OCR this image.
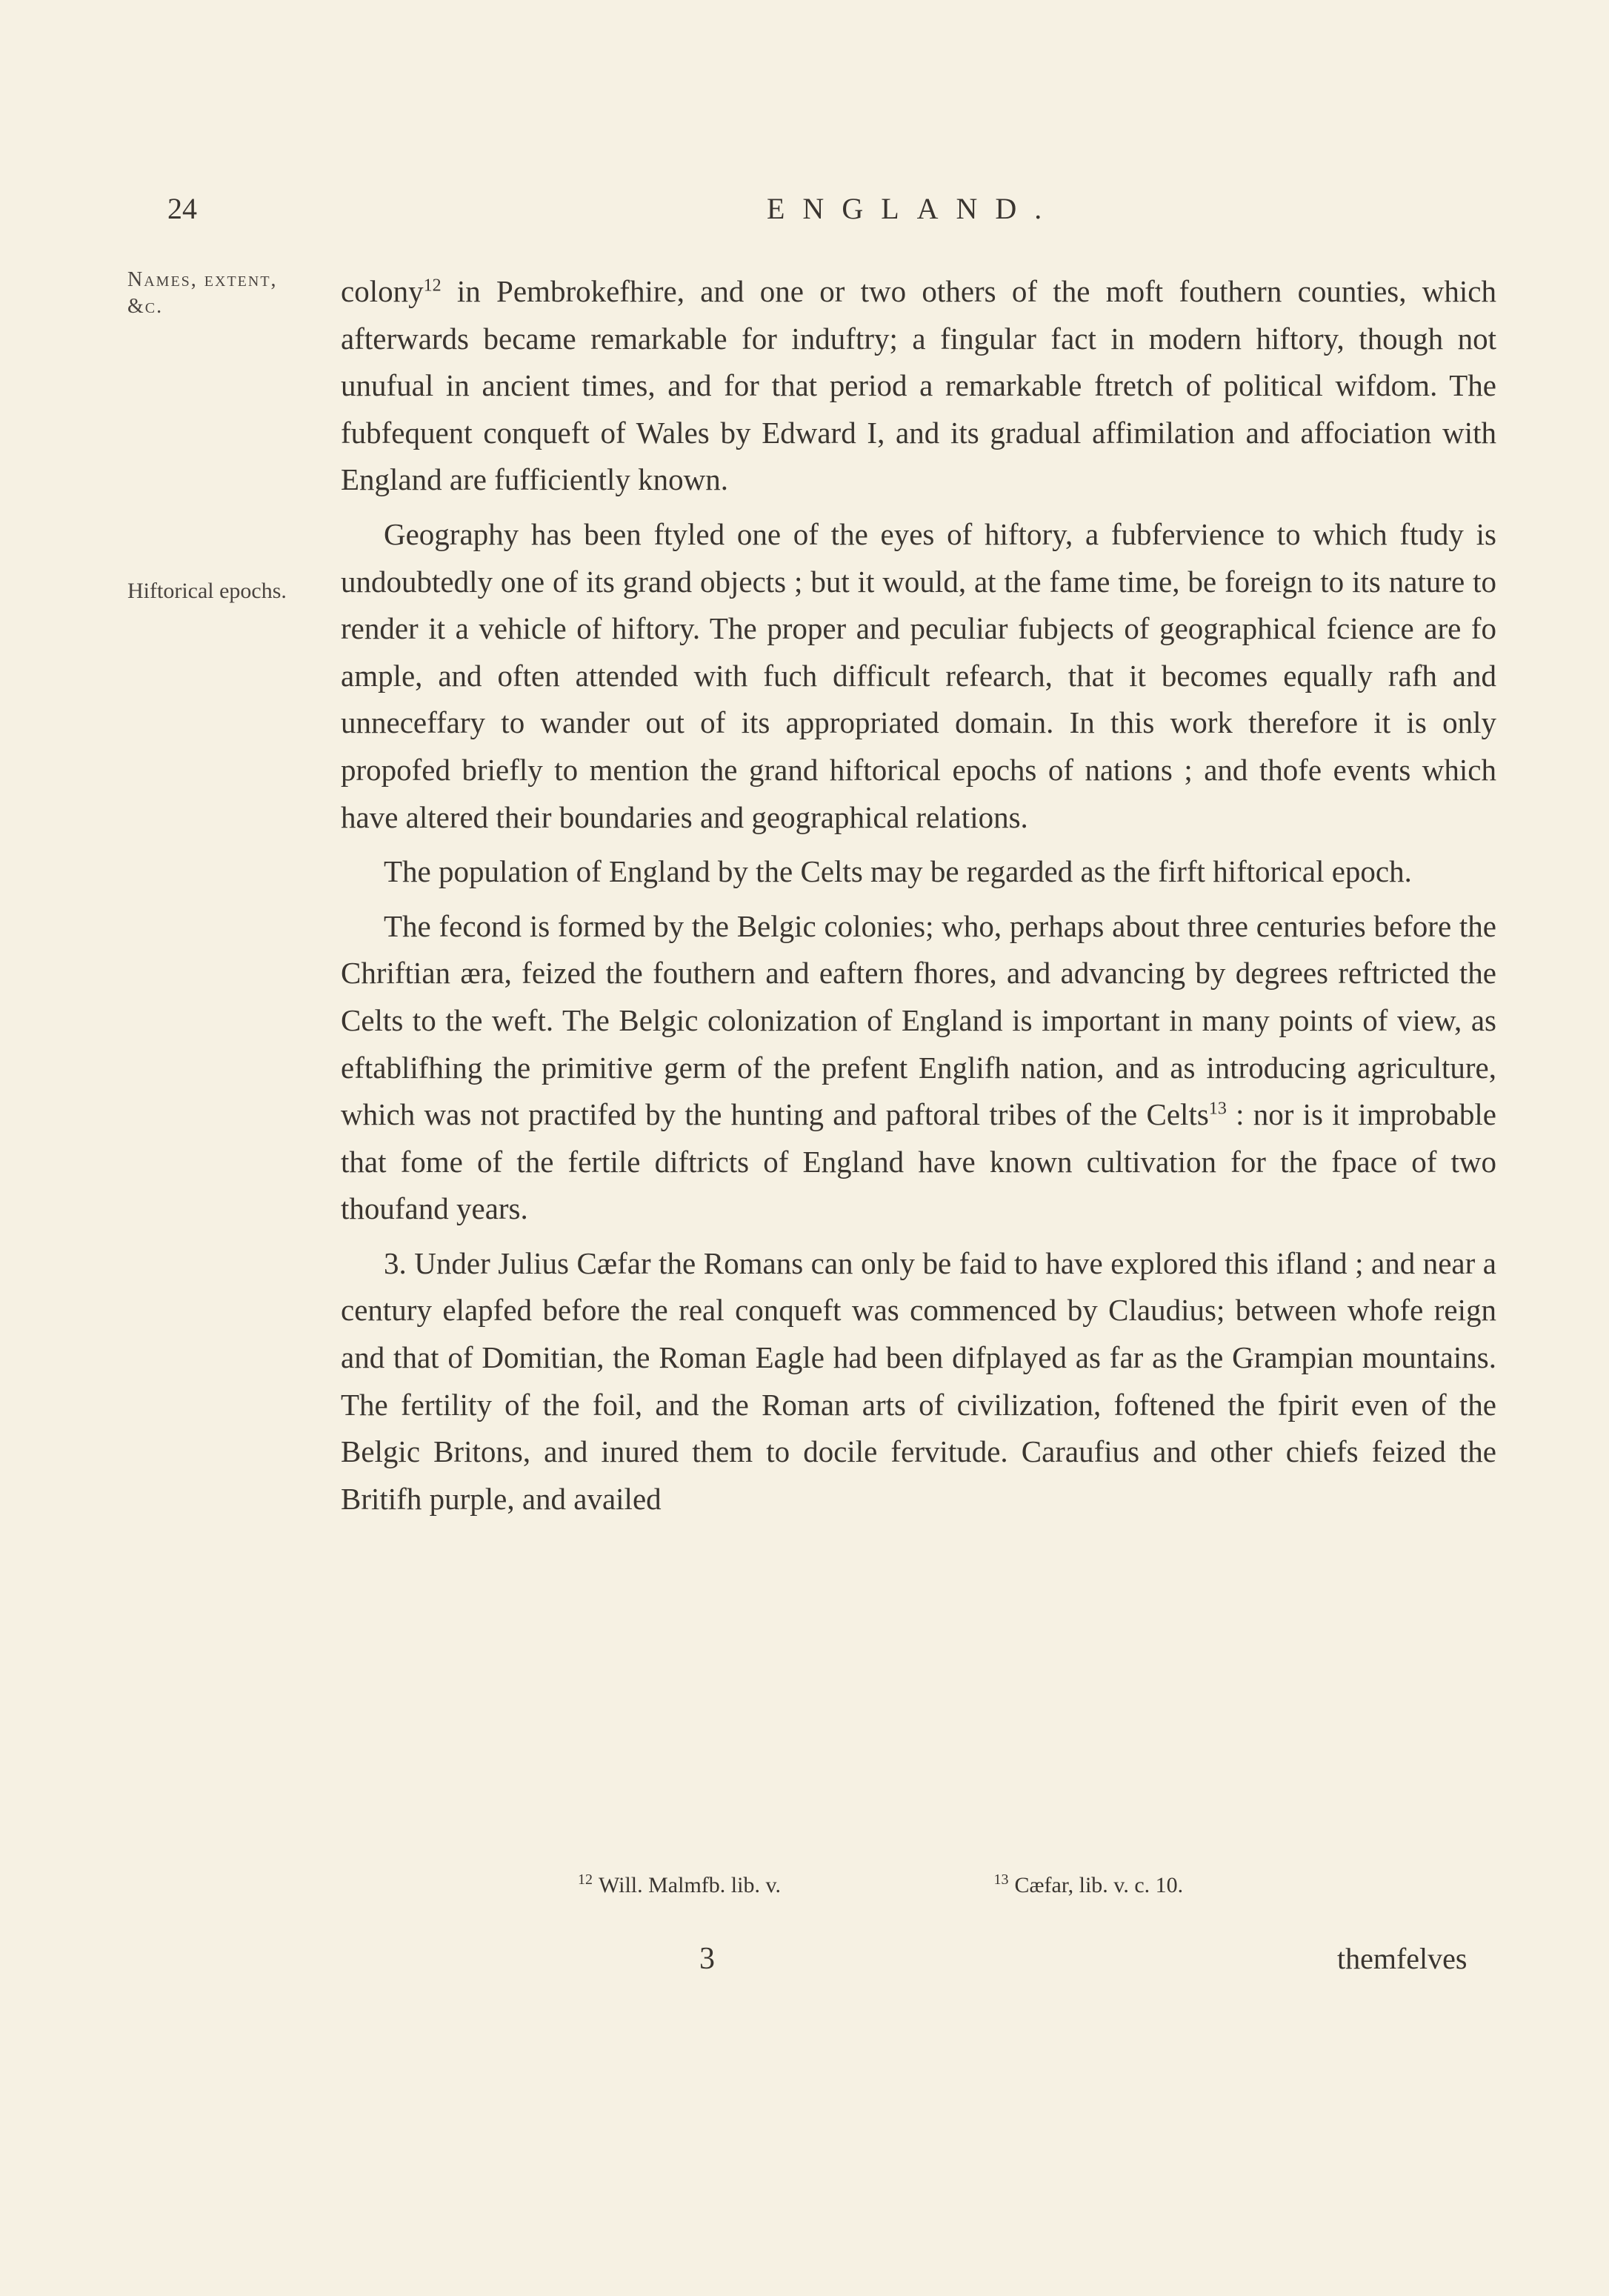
24	ENGLAND.
Names, extent, &c.
Hiftorical epochs.

colony$^{12}$ in Pembrokefhire, and one or two others of the moft fouthern counties, which afterwards became remarkable for induftry; a fingular fact in modern hiftory, though not unufual in ancient times, and for that period a remarkable ftretch of political wifdom. The fubfequent conqueft of Wales by Edward I, and its gradual affimilation and affociation with England are fufficiently known.

Geography has been ftyled one of the eyes of hiftory, a fubfervience to which ftudy is undoubtedly one of its grand objects ; but it would, at the fame time, be foreign to its nature to render it a vehicle of hiftory. The proper and peculiar fubjects of geographical fcience are fo ample, and often attended with fuch difficult refearch, that it becomes equally rafh and unneceffary to wander out of its appropriated domain. In this work therefore it is only propofed briefly to mention the grand hiftorical epochs of nations ; and thofe events which have altered their boundaries and geographical relations.

The population of England by the Celts may be regarded as the firft hiftorical epoch.

The fecond is formed by the Belgic colonies; who, perhaps about three centuries before the Chriftian æra, feized the fouthern and eaftern fhores, and advancing by degrees reftricted the Celts to the weft. The Belgic colonization of England is important in many points of view, as eftablifhing the primitive germ of the prefent Englifh nation, and as introducing agriculture, which was not practifed by the hunting and paftoral tribes of the Celts$^{13}$ : nor is it improbable that fome of the fertile diftricts of England have known cultivation for the fpace of two thoufand years.

3. Under Julius Cæfar the Romans can only be faid to have explored this ifland ; and near a century elapfed before the real conqueft was commenced by Claudius; between whofe reign and that of Domitian, the Roman Eagle had been difplayed as far as the Grampian mountains. The fertility of the foil, and the Roman arts of civilization, foftened the fpirit even of the Belgic Britons, and inured them to docile fervitude. Caraufius and other chiefs feized the Britifh purple, and availed

$^{12}$ Will. Malmfb. lib. v.	$^{13}$ Cæfar, lib. v. c. 10.
3	themfelves
